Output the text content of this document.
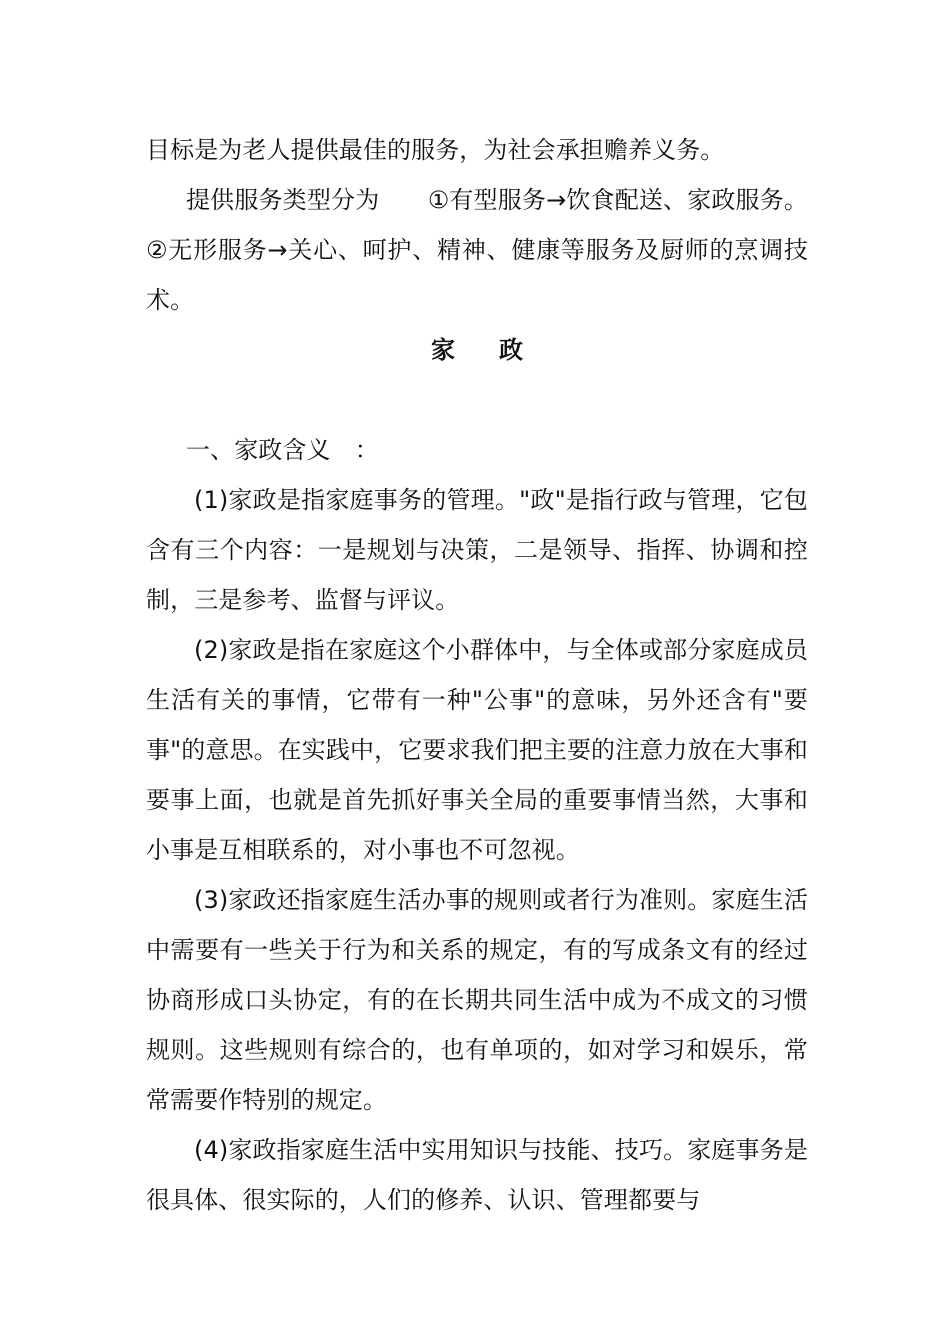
目标是为老人提供最佳的服务，为社会承担赡养义务。

提供服务类型分为　　①有型服务→饮食配送、家政服务。②无形服务→关心、呵护、精神、健康等服务及厨师的烹调技术。

家　政

一、家政含义　：

(1)家政是指家庭事务的管理。"政"是指行政与管理，它包含有三个内容：一是规划与决策，二是领导、指挥、协调和控制，三是参考、监督与评议。

(2)家政是指在家庭这个小群体中，与全体或部分家庭成员生活有关的事情，它带有一种"公事"的意味，另外还含有"要事"的意思。在实践中，它要求我们把主要的注意力放在大事和要事上面，也就是首先抓好事关全局的重要事情当然，大事和小事是互相联系的，对小事也不可忽视。

(3)家政还指家庭生活办事的规则或者行为准则。家庭生活中需要有一些关于行为和关系的规定，有的写成条文有的经过协商形成口头协定，有的在长期共同生活中成为不成文的习惯规则。这些规则有综合的，也有单项的，如对学习和娱乐，常常需要作特别的规定。

(4)家政指家庭生活中实用知识与技能、技巧。家庭事务是很具体、很实际的，人们的修养、认识、管理都要与
